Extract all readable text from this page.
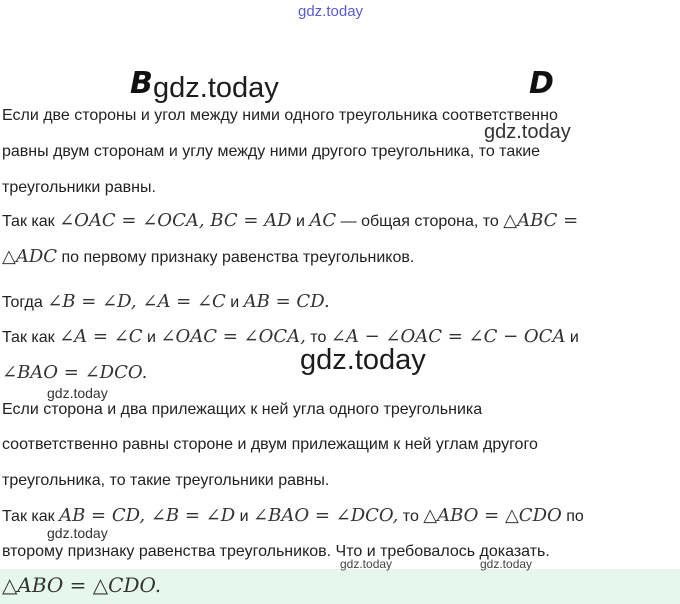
gdz.today
B gdz.today	D
gdz.today
gdz.today
gdz.today
gdz.today
Если две стороны и угол между ними одного треугольника соответственно
равны двум сторонам и углу между ними другого треугольника, то такие
треугольники равны.
Так как ∠OAC = ∠OCA, BC = AD и AC — общая сторона, то △ABC =
△ADC по первому признаку равенства треугольников.
Тогда ∠B = ∠D, ∠A = ∠C и AB = CD.
Так как ∠A = ∠C и ∠OAC = ∠OCA, то ∠A − ∠OAC = ∠C − OCA и
∠BAO = ∠DCO.
Если сторона и два прилежащих к ней угла одного треугольника
соответственно равны стороне и двум прилежащим к ней углам другого
треугольника, то такие треугольники равны.
Так как AB = CD, ∠B = ∠D и ∠BAO = ∠DCO, то △ABO = △CDO по
второму признаку равенства треугольников. Что и требовалось доказать.
△ABO = △CDO.
gdz.today	gdz.today
